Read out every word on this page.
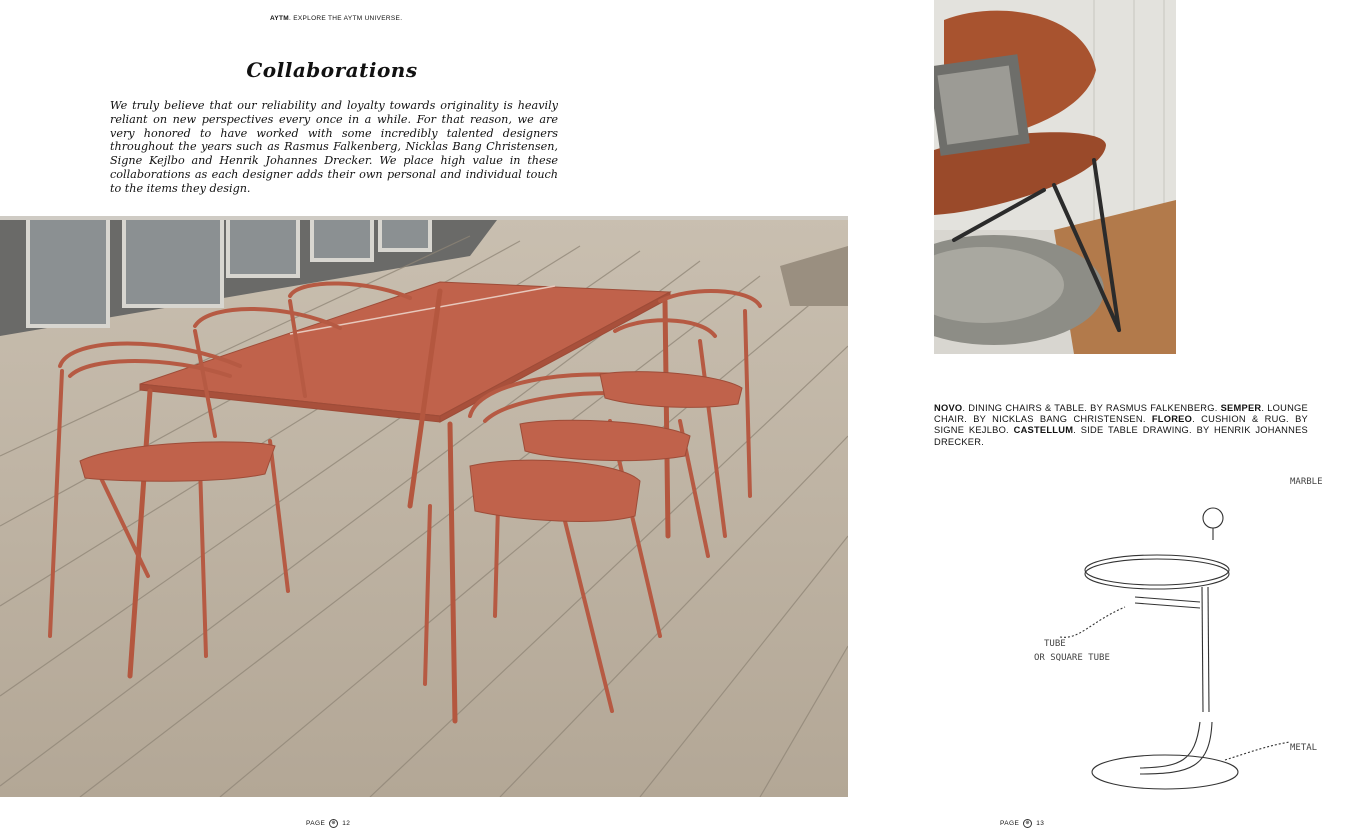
AYTM. EXPLORE THE AYTM UNIVERSE.
Collaborations
We truly believe that our reliability and loyalty towards originality is heavily reliant on new perspectives every once in a while. For that reason, we are very honored to have worked with some incredibly talented designers throughout the years such as Rasmus Falkenberg, Nicklas Bang Christensen, Signe Kejlbo and Henrik Johannes Drecker. We place high value in these collaborations as each designer adds their own personal and individual touch to the items they design.
NOVO. DINING CHAIRS & TABLE. BY RASMUS FALKENBERG. SEMPER. LOUNGE CHAIR. BY NICKLAS BANG CHRISTENSEN. FLOREO. CUSHION & RUG. BY SIGNE KEJLBO. CASTELLUM. SIDE TABLE DRAWING. BY HENRIK JOHANNES DRECKER.
MARBLE
TUBE
OR SQUARE TUBE
METAL
PAGE ⊕ 12	PAGE ⊕ 13
